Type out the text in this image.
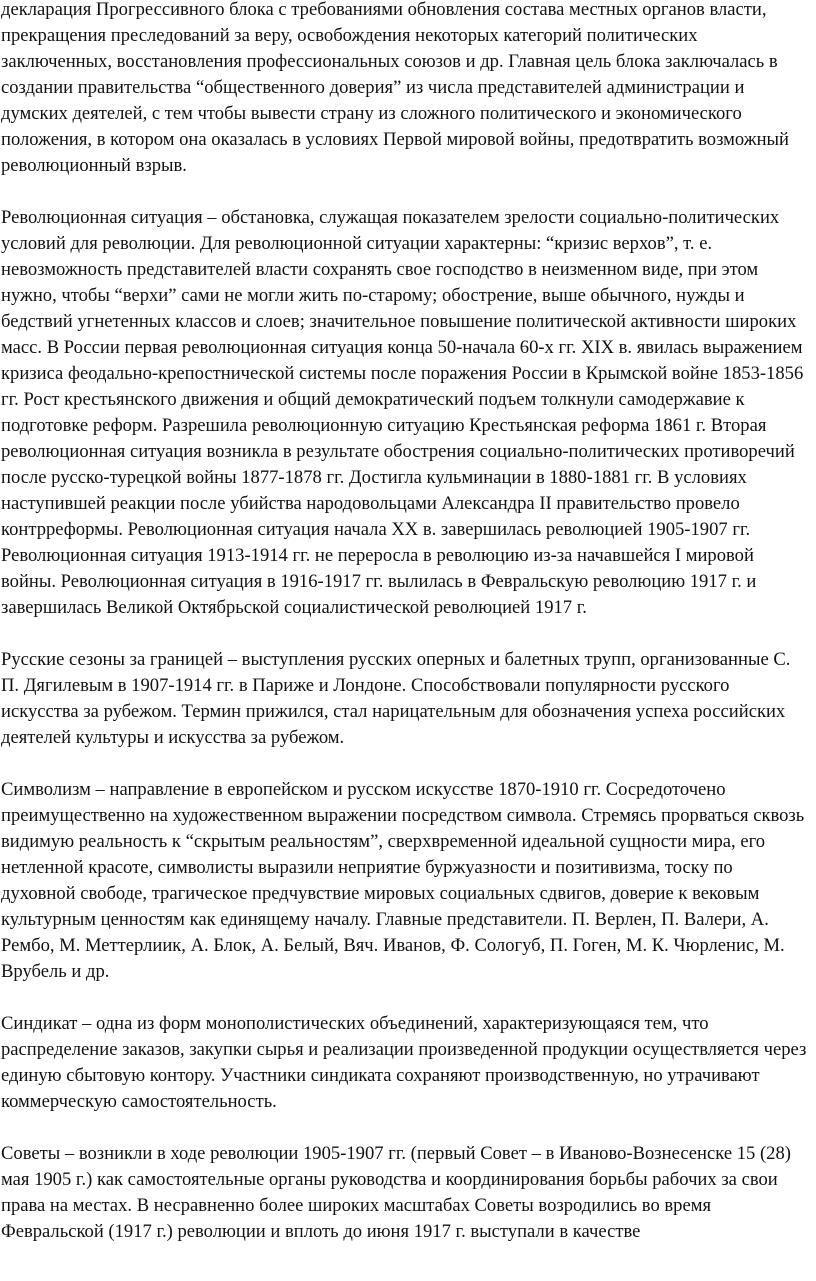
декларация Прогрессивного блока с требованиями обновления состава местных органов власти, прекращения преследований за веру, освобождения некоторых категорий политических заключенных, восстановления профессиональных союзов и др. Главная цель блока заключалась в создании правительства “общественного доверия” из числа представителей администрации и думских деятелей, с тем чтобы вывести страну из сложного политического и экономического положения, в котором она оказалась в условиях Первой мировой войны, предотвратить возможный революционный взрыв.

Революционная ситуация – обстановка, служащая показателем зрелости социально-политических условий для революции. Для революционной ситуации характерны: “кризис верхов”, т. е. невозможность представителей власти сохранять свое господство в неизменном виде, при этом нужно, чтобы “верхи” сами не могли жить по-старому; обострение, выше обычного, нужды и бедствий угнетенных классов и слоев; значительное повышение политической активности широких масс. В России первая революционная ситуация конца 50-начала 60-х гг. XIX в. явилась выражением кризиса феодально-крепостнической системы после поражения России в Крымской войне 1853-1856 гг. Рост крестьянского движения и общий демократический подъем толкнули самодержавие к подготовке реформ. Разрешила революционную ситуацию Крестьянская реформа 1861 г. Вторая революционная ситуация возникла в результате обострения социально-политических противоречий после русско-турецкой войны 1877-1878 гг. Достигла кульминации в 1880-1881 гг. В условиях наступившей реакции после убийства народовольцами Александра II правительство провело контрреформы. Революционная ситуация начала XX в. завершилась революцией 1905-1907 гг. Революционная ситуация 1913-1914 гг. не переросла в революцию из-за начавшейся I мировой войны. Революционная ситуация в 1916-1917 гг. вылилась в Февральскую революцию 1917 г. и завершилась Великой Октябрьской социалистической революцией 1917 г.

Русские сезоны за границей – выступления русских оперных и балетных трупп, организованные С. П. Дягилевым в 1907-1914 гг. в Париже и Лондоне. Способствовали популярности русского искусства за рубежом. Термин прижился, стал нарицательным для обозначения успеха российских деятелей культуры и искусства за рубежом.

Символизм – направление в европейском и русском искусстве 1870-1910 гг. Сосредоточено преимущественно на художественном выражении посредством символа. Стремясь прорваться сквозь видимую реальность к “скрытым реальностям”, сверхвременной идеальной сущности мира, его нетленной красоте, символисты выразили неприятие буржуазности и позитивизма, тоску по духовной свободе, трагическое предчувствие мировых социальных сдвигов, доверие к вековым культурным ценностям как единящему началу. Главные представители. П. Верлен, П. Валери, А. Рембо, М. Меттерлиик, А. Блок, А. Белый, Вяч. Иванов, Ф. Сологуб, П. Гоген, М. К. Чюрленис, М. Врубель и др.

Синдикат – одна из форм монополистических объединений, характеризующаяся тем, что распределение заказов, закупки сырья и реализации произведенной продукции осуществляется через единую сбытовую контору. Участники синдиката сохраняют производственную, но утрачивают коммерческую самостоятельность.

Советы – возникли в ходе революции 1905-1907 гг. (первый Совет – в Иваново-Вознесенске 15 (28) мая 1905 г.) как самостоятельные органы руководства и координирования борьбы рабочих за свои права на местах. В несравненно более широких масштабах Советы возродились во время Февральской (1917 г.) революции и вплоть до июня 1917 г. выступали в качестве
